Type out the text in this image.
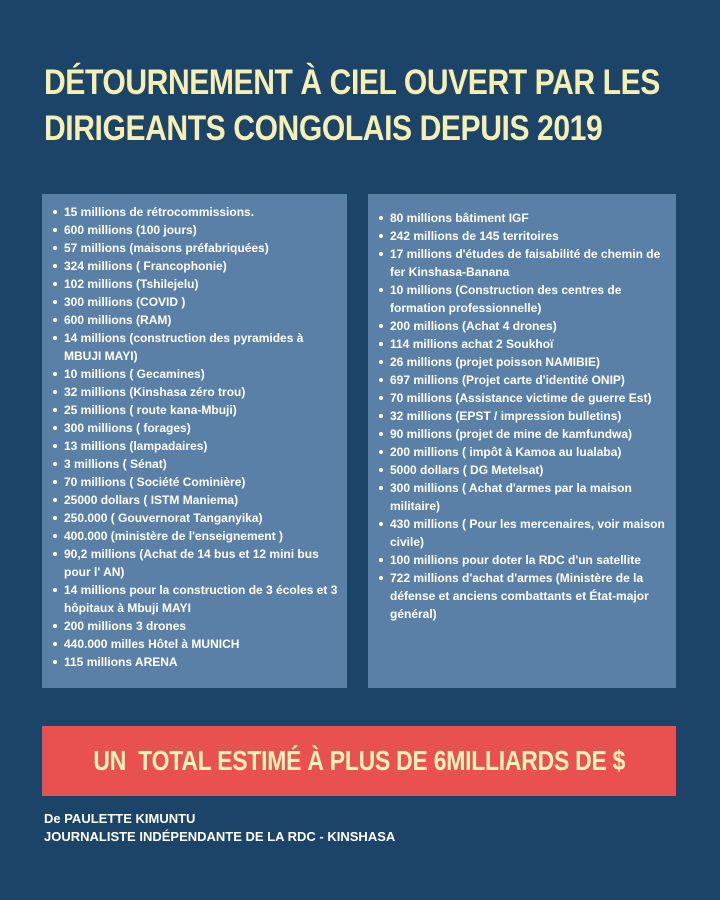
DÉTOURNEMENT À CIEL OUVERT PAR LES
DIRIGEANTS CONGOLAIS DEPUIS 2019
15 millions de rétrocommissions.
600 millions (100 jours)
57 millions (maisons préfabriquées)
324 millions ( Francophonie)
102 millions (Tshilejelu)
300 millions (COVID )
600 millions (RAM)
14 millions (construction des pyramides à MBUJI MAYI)
10 millions ( Gecamines)
32 millions (Kinshasa zéro trou)
25 millions ( route kana-Mbuji)
300 millions ( forages)
13 millions (lampadaires)
3 millions ( Sénat)
70 millions ( Société Cominière)
25000 dollars ( ISTM Maniema)
250.000 ( Gouvernorat Tanganyika)
400.000 (ministère de l'enseignement )
90,2 millions (Achat de 14 bus et 12 mini bus pour l' AN)
14 millions pour la construction de 3 écoles et 3 hôpitaux à Mbuji MAYI
200 millions 3 drones
440.000 milles Hôtel à MUNICH
115 millions ARENA
80 millions bâtiment IGF
242 millions de 145 territoires
17 millions d'études de faisabilité de chemin de fer Kinshasa-Banana
10 millions (Construction des centres de formation professionnelle)
200 millions (Achat 4 drones)
114 millions achat 2 Soukhoï
26 millions (projet poisson NAMIBIE)
697 millions (Projet carte d'identité ONIP)
70 millions (Assistance victime de guerre Est)
32 millions (EPST / impression bulletins)
90 millions (projet de mine de kamfundwa)
200 millions ( impôt à Kamoa au lualaba)
5000 dollars ( DG Metelsat)
300 millions ( Achat d'armes par la maison militaire)
430 millions ( Pour les mercenaires, voir maison civile)
100 millions pour doter la RDC d'un satellite
722 millions d'achat d'armes (Ministère de la défense et anciens combattants et État-major général)
UN  TOTAL ESTIMÉ À PLUS DE 6MILLIARDS DE $
De PAULETTE KIMUNTU
JOURNALISTE INDÉPENDANTE DE LA RDC - KINSHASA
